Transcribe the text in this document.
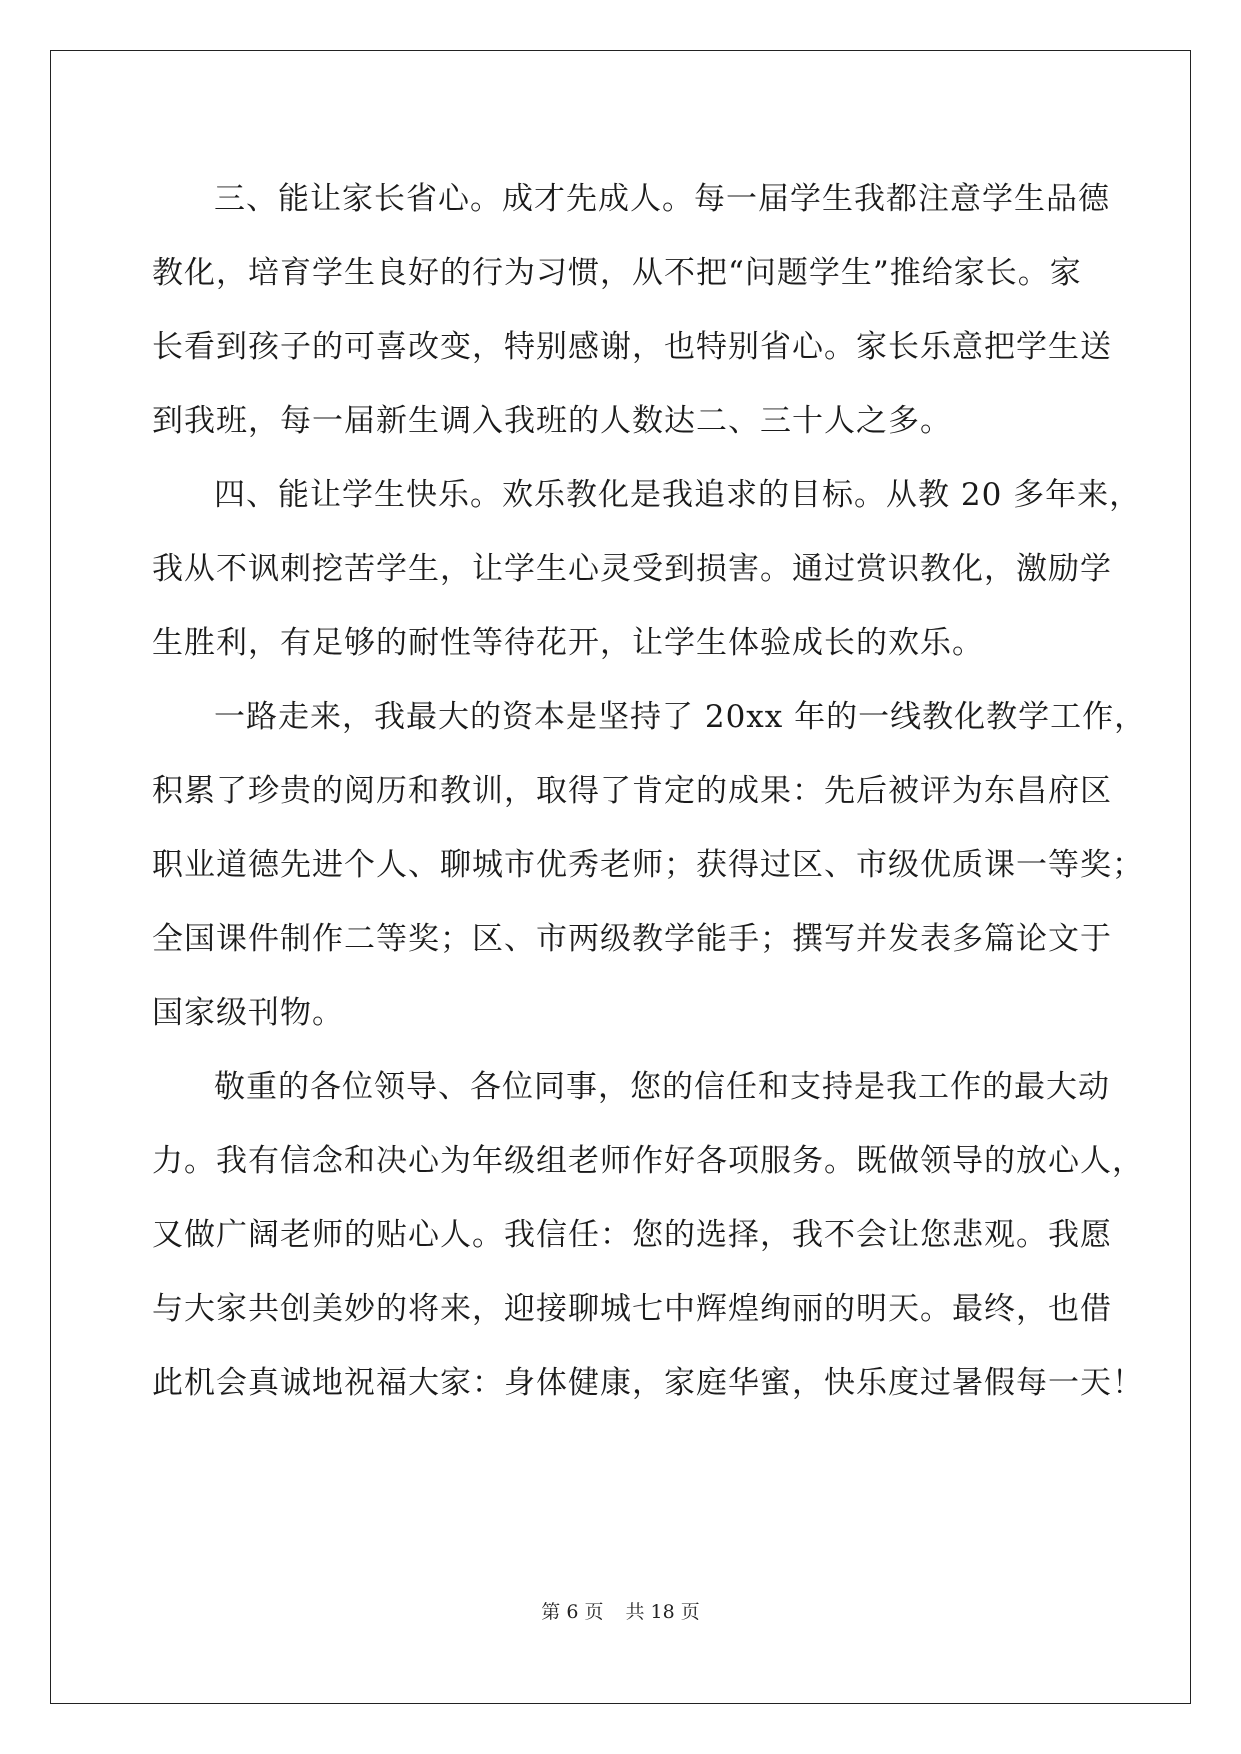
三、能让家长省心。成才先成人。每一届学生我都注意学生品德
教化，培育学生良好的行为习惯，从不把“问题学生”推给家长。家
长看到孩子的可喜改变，特别感谢，也特别省心。家长乐意把学生送
到我班，每一届新生调入我班的人数达二、三十人之多。

四、能让学生快乐。欢乐教化是我追求的目标。从教 20 多年来，
我从不讽刺挖苦学生，让学生心灵受到损害。通过赏识教化，激励学
生胜利，有足够的耐性等待花开，让学生体验成长的欢乐。

一路走来，我最大的资本是坚持了 20xx 年的一线教化教学工作，
积累了珍贵的阅历和教训，取得了肯定的成果：先后被评为东昌府区
职业道德先进个人、聊城市优秀老师；获得过区、市级优质课一等奖；
全国课件制作二等奖；区、市两级教学能手；撰写并发表多篇论文于
国家级刊物。

敬重的各位领导、各位同事，您的信任和支持是我工作的最大动
力。我有信念和决心为年级组老师作好各项服务。既做领导的放心人，
又做广阔老师的贴心人。我信任：您的选择，我不会让您悲观。我愿
与大家共创美妙的将来，迎接聊城七中辉煌绚丽的明天。最终，也借
此机会真诚地祝福大家：身体健康，家庭华蜜，快乐度过暑假每一天！

第 6 页 共 18 页
